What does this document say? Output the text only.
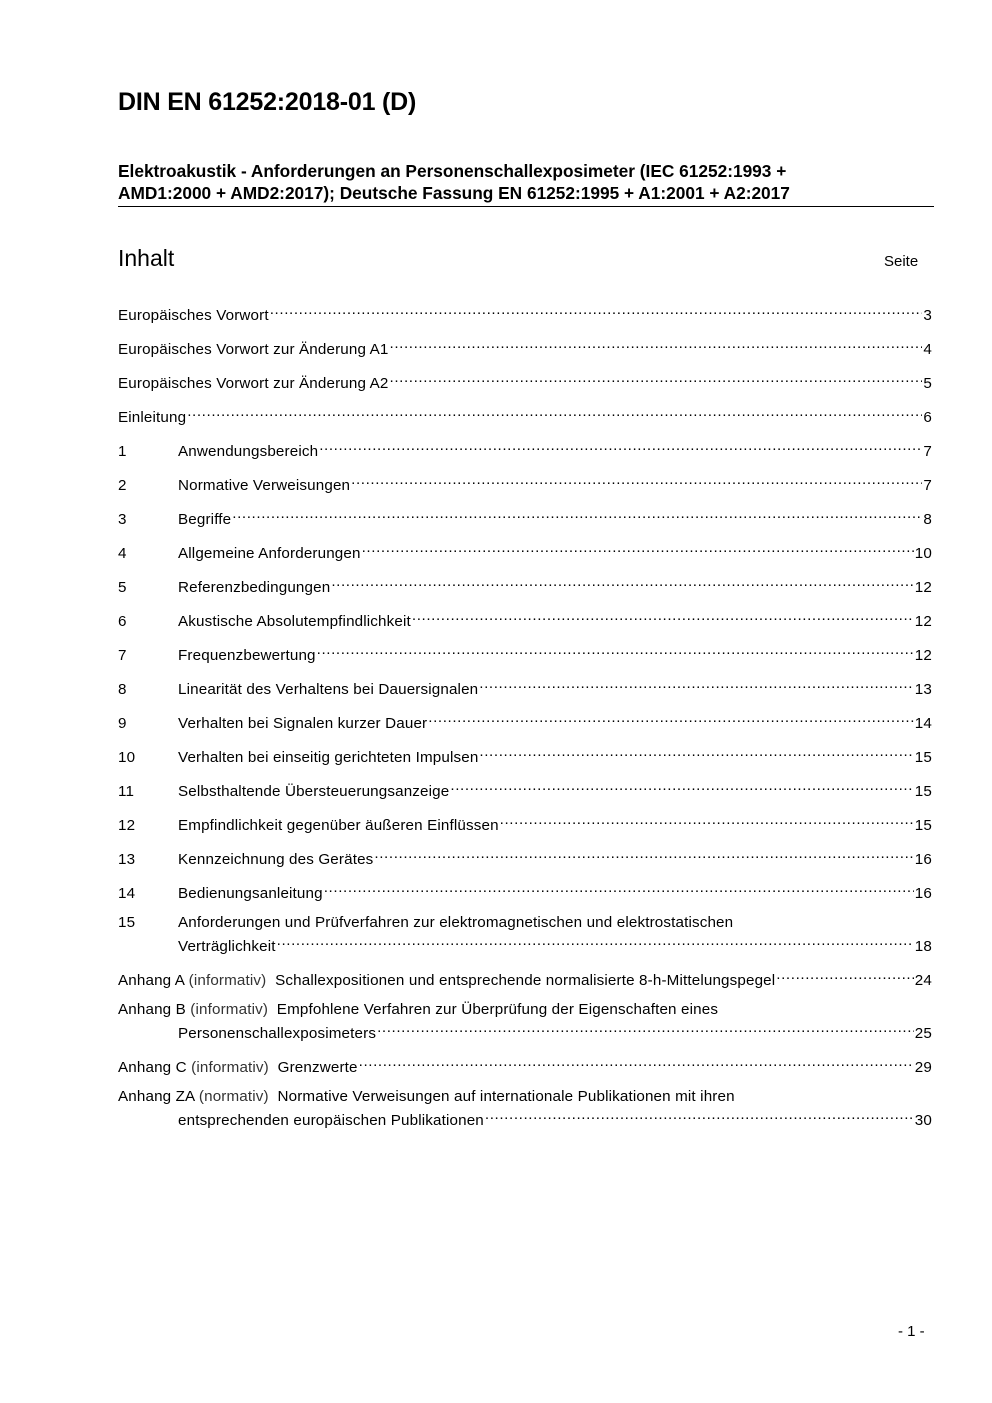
DIN EN 61252:2018-01 (D)
Elektroakustik - Anforderungen an Personenschallexposimeter (IEC 61252:1993 +
AMD1:2000 + AMD2:2017); Deutsche Fassung EN 61252:1995 + A1:2001 + A2:2017
Inhalt	Seite
Europäisches Vorwort .....	3
Europäisches Vorwort zur Änderung A1 .....	4
Europäisches Vorwort zur Änderung A2 .....	5
Einleitung .....	6
1	Anwendungsbereich .....	7
2	Normative Verweisungen .....	7
3	Begriffe .....	8
4	Allgemeine Anforderungen .....	10
5	Referenzbedingungen .....	12
6	Akustische Absolutempfindlichkeit .....	12
7	Frequenzbewertung .....	12
8	Linearität des Verhaltens bei Dauersignalen .....	13
9	Verhalten bei Signalen kurzer Dauer .....	14
10	Verhalten bei einseitig gerichteten Impulsen .....	15
11	Selbsthaltende Übersteuerungsanzeige .....	15
12	Empfindlichkeit gegenüber äußeren Einflüssen .....	15
13	Kennzeichnung des Gerätes .....	16
14	Bedienungsanleitung .....	16
15	Anforderungen und Prüfverfahren zur elektromagnetischen und elektrostatischen
Verträglichkeit .....	18
Anhang A (informativ) Schallexpositionen und entsprechende normalisierte 8-h-Mittelungspegel .....	24
Anhang B (informativ) Empfohlene Verfahren zur Überprüfung der Eigenschaften eines
Personenschallexposimeters .....	25
Anhang C (informativ) Grenzwerte .....	29
Anhang ZA (normativ) Normative Verweisungen auf internationale Publikationen mit ihren
entsprechenden europäischen Publikationen .....	30
- 1 -
